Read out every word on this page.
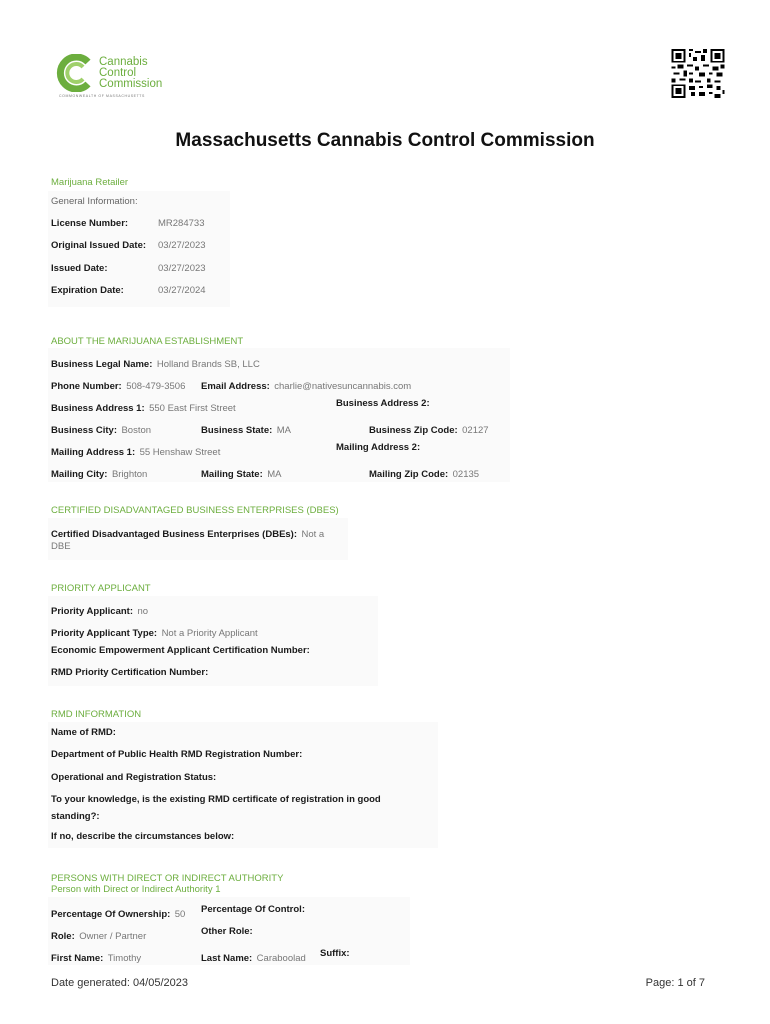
Cannabis
Control
Commission
COMMONWEALTH OF MASSACHUSETTS
Massachusetts Cannabis Control Commission
Marijuana Retailer
General Information:
License Number:	MR284733
Original Issued Date: 03/27/2023
Issued Date:	03/27/2023
Expiration Date:	03/27/2024
ABOUT THE MARIJUANA ESTABLISHMENT
Business Legal Name: Holland Brands SB, LLC
Phone Number: 508-479-3506 Email Address: charlie@nativesuncannabis.com
Business Address 1: 550 East First Street	Business Address 2:
Business City: Boston	Business State: MA	Business Zip Code: 02127
Mailing Address 1: 55 Henshaw Street	Mailing Address 2:
Mailing City: Brighton	Mailing State: MA	Mailing Zip Code: 02135
CERTIFIED DISADVANTAGED BUSINESS ENTERPRISES (DBES)
Certified Disadvantaged Business Enterprises (DBEs): Not a
DBE
PRIORITY APPLICANT
Priority Applicant: no
Priority Applicant Type: Not a Priority Applicant
Economic Empowerment Applicant Certification Number:
RMD Priority Certification Number:
RMD INFORMATION
Name of RMD:
Department of Public Health RMD Registration Number:
Operational and Registration Status:
To your knowledge, is the existing RMD certificate of registration in good
standing?:
If no, describe the circumstances below:
PERSONS WITH DIRECT OR INDIRECT AUTHORITY
Person with Direct or Indirect Authority 1
Percentage Of Ownership: 50 Percentage Of Control:
Role: Owner / Partner	Other Role:
First Name: Timothy	Last Name: Caraboolad Suffix:
Date generated: 04/05/2023	Page: 1 of 7
